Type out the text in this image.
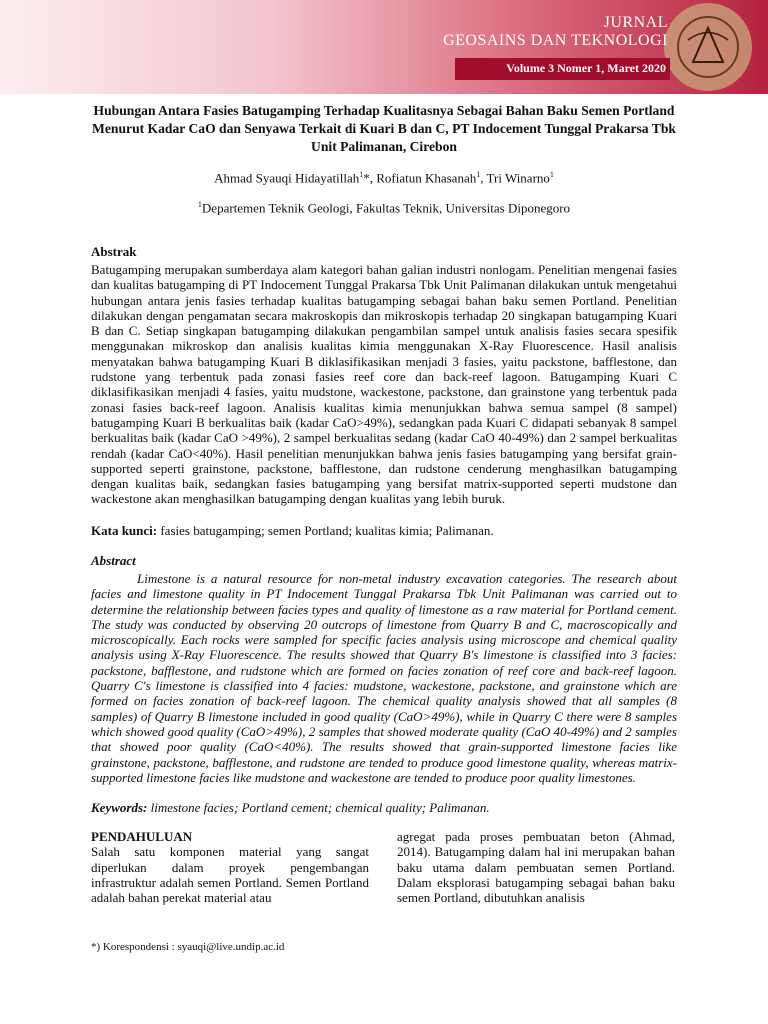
JURNAL
GEOSAINS DAN TEKNOLOGI
Volume 3 Nomer 1, Maret 2020
Hubungan Antara Fasies Batugamping Terhadap Kualitasnya Sebagai Bahan Baku Semen Portland Menurut Kadar CaO dan Senyawa Terkait di Kuari B dan C, PT Indocement Tunggal Prakarsa Tbk Unit Palimanan, Cirebon
Ahmad Syauqi Hidayatillah$^1$*, Rofiatun Khasanah$^1$, Tri Winarno$^1$
$^1$Departemen Teknik Geologi, Fakultas Teknik, Universitas Diponegoro
Abstrak
Batugamping merupakan sumberdaya alam kategori bahan galian industri nonlogam. Penelitian mengenai fasies dan kualitas batugamping di PT Indocement Tunggal Prakarsa Tbk Unit Palimanan dilakukan untuk mengetahui hubungan antara jenis fasies terhadap kualitas batugamping sebagai bahan baku semen Portland. Penelitian dilakukan dengan pengamatan secara makroskopis dan mikroskopis terhadap 20 singkapan batugamping Kuari B dan C. Setiap singkapan batugamping dilakukan pengambilan sampel untuk analisis fasies secara spesifik menggunakan mikroskop dan analisis kualitas kimia menggunakan X-Ray Fluorescence. Hasil analisis menyatakan bahwa batugamping Kuari B diklasifikasikan menjadi 3 fasies, yaitu packstone, bafflestone, dan rudstone yang terbentuk pada zonasi fasies reef core dan back-reef lagoon. Batugamping Kuari C diklasifikasikan menjadi 4 fasies, yaitu mudstone, wackestone, packstone, dan grainstone yang terbentuk pada zonasi fasies back-reef lagoon. Analisis kualitas kimia menunjukkan bahwa semua sampel (8 sampel) batugamping Kuari B berkualitas baik (kadar CaO>49%), sedangkan pada Kuari C didapati sebanyak 8 sampel berkualitas baik (kadar CaO >49%), 2 sampel berkualitas sedang (kadar CaO 40-49%) dan 2 sampel berkualitas rendah (kadar CaO<40%). Hasil penelitian menunjukkan bahwa jenis fasies batugamping yang bersifat grain-supported seperti grainstone, packstone, bafflestone, dan rudstone cenderung menghasilkan batugamping dengan kualitas baik, sedangkan fasies batugamping yang bersifat matrix-supported seperti mudstone dan wackestone akan menghasilkan batugamping dengan kualitas yang lebih buruk.
Kata kunci: fasies batugamping; semen Portland; kualitas kimia; Palimanan.
Abstract
Limestone is a natural resource for non-metal industry excavation categories. The research about facies and limestone quality in PT Indocement Tunggal Prakarsa Tbk Unit Palimanan was carried out to determine the relationship between facies types and quality of limestone as a raw material for Portland cement. The study was conducted by observing 20 outcrops of limestone from Quarry B and C, macroscopically and microscopically. Each rocks were sampled for specific facies analysis using microscope and chemical quality analysis using X-Ray Fluorescence. The results showed that Quarry B's limestone is classified into 3 facies: packstone, bafflestone, and rudstone which are formed on facies zonation of reef core and back-reef lagoon. Quarry C's limestone is classified into 4 facies: mudstone, wackestone, packstone, and grainstone which are formed on facies zonation of back-reef lagoon. The chemical quality analysis showed that all samples (8 samples) of Quarry B limestone included in good quality (CaO>49%), while in Quarry C there were 8 samples which showed good quality (CaO>49%), 2 samples that showed moderate quality (CaO 40-49%) and 2 samples that showed poor quality (CaO<40%). The results showed that grain-supported limestone facies like grainstone, packstone, bafflestone, and rudstone are tended to produce good limestone quality, whereas matrix-supported limestone facies like mudstone and wackestone are tended to produce poor quality limestones.
Keywords: limestone facies; Portland cement; chemical quality; Palimanan.
PENDAHULUAN
Salah satu komponen material yang sangat diperlukan dalam proyek pengembangan infrastruktur adalah semen Portland. Semen Portland adalah bahan perekat material atau
agregat pada proses pembuatan beton (Ahmad, 2014). Batugamping dalam hal ini merupakan bahan baku utama dalam pembuatan semen Portland. Dalam eksplorasi batugamping sebagai bahan baku semen Portland, dibutuhkan analisis
*) Korespondensi : syauqi@live.undip.ac.id
